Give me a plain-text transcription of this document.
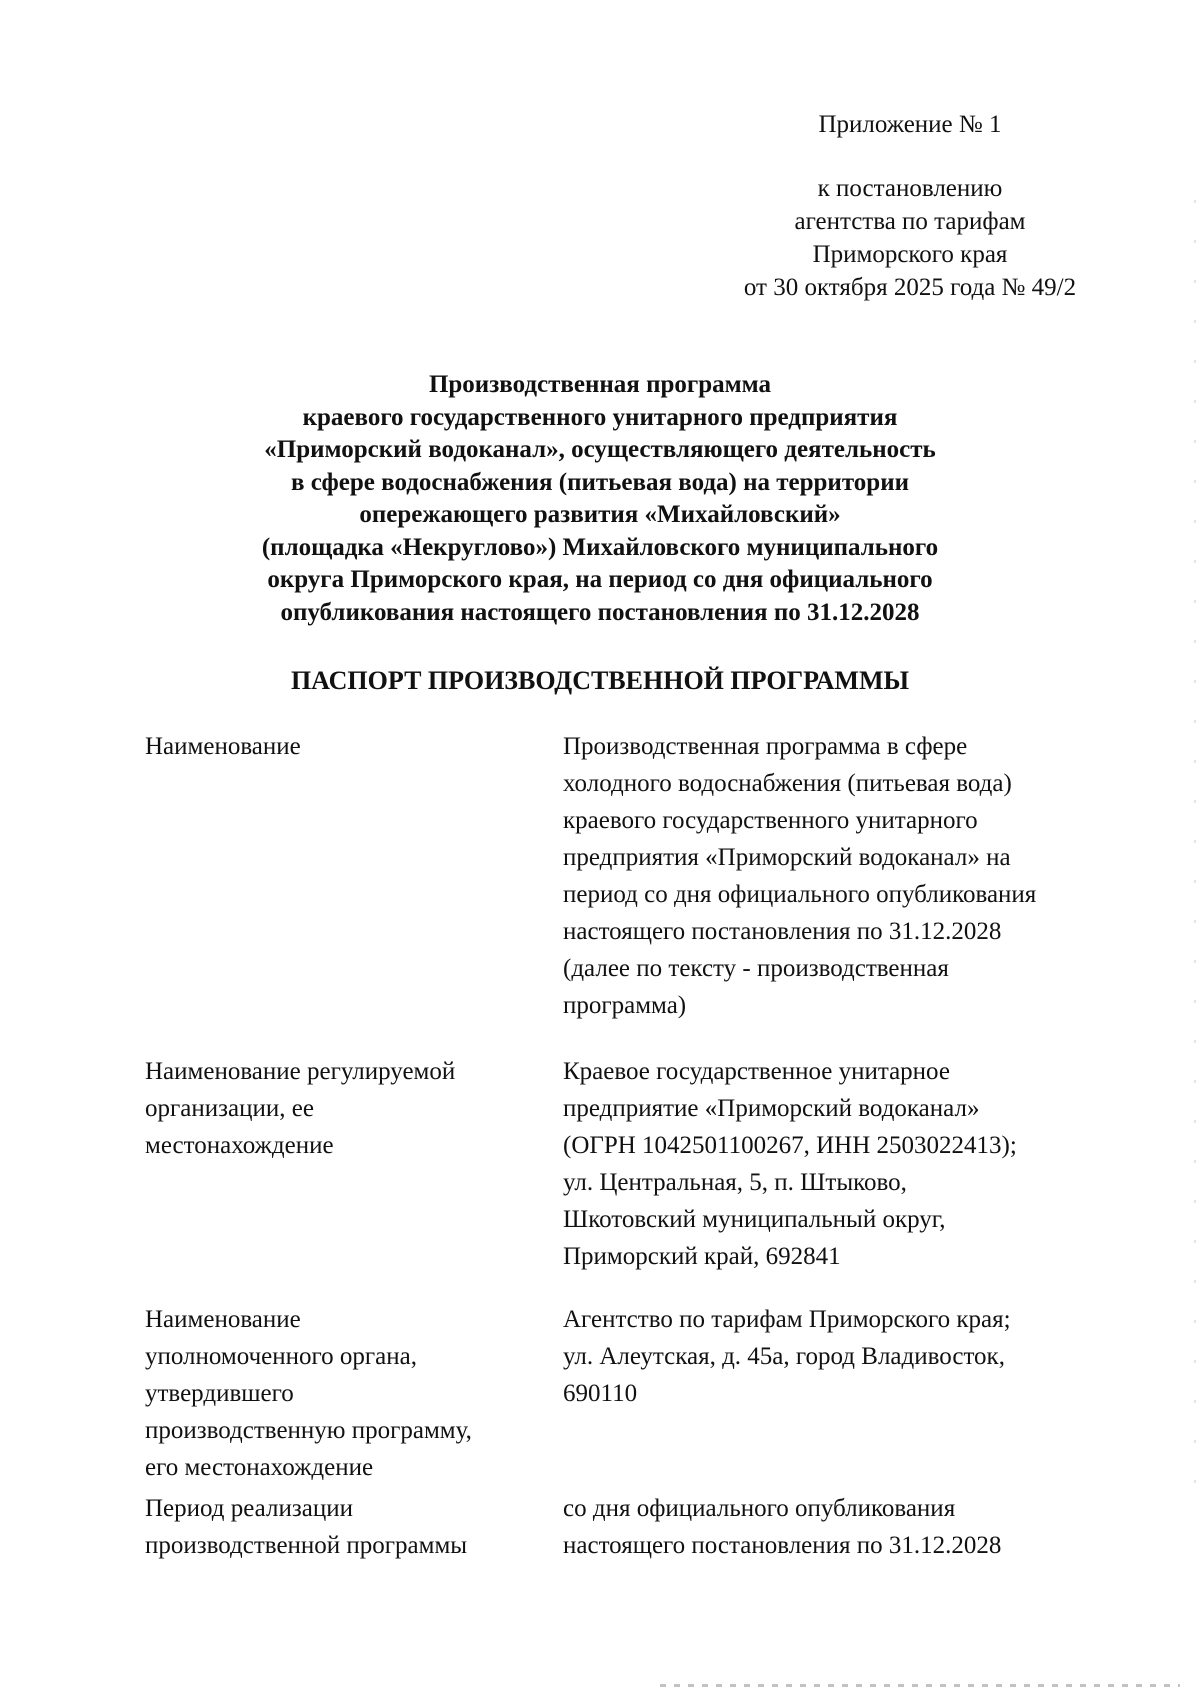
Приложение № 1
к постановлению
агентства по тарифам
Приморского края
от 30 октября 2025 года № 49/2
Производственная программа
краевого государственного унитарного предприятия
«Приморский водоканал», осуществляющего деятельность
в сфере водоснабжения (питьевая вода) на территории
опережающего развития «Михайловский»
(площадка «Некруглово») Михайловского муниципального
округа Приморского края, на период со дня официального
опубликования настоящего постановления по 31.12.2028
ПАСПОРТ ПРОИЗВОДСТВЕННОЙ ПРОГРАММЫ
Наименование	Производственная программа в сфере
холодного водоснабжения (питьевая вода)
краевого государственного унитарного
предприятия «Приморский водоканал» на
период со дня официального опубликования
настоящего постановления по 31.12.2028
(далее по тексту - производственная
программа)
Наименование регулируемой
организации, ее
местонахождение
Краевое государственное унитарное
предприятие «Приморский водоканал»
(ОГРН 1042501100267, ИНН 2503022413);
ул. Центральная, 5, п. Штыково,
Шкотовский муниципальный округ,
Приморский край, 692841
Наименование
уполномоченного органа,
утвердившего
производственную программу,
его местонахождение
Агентство по тарифам Приморского края;
ул. Алеутская, д. 45а, город Владивосток,
690110
Период реализации
производственной программы
со дня официального опубликования
настоящего постановления по 31.12.2028
